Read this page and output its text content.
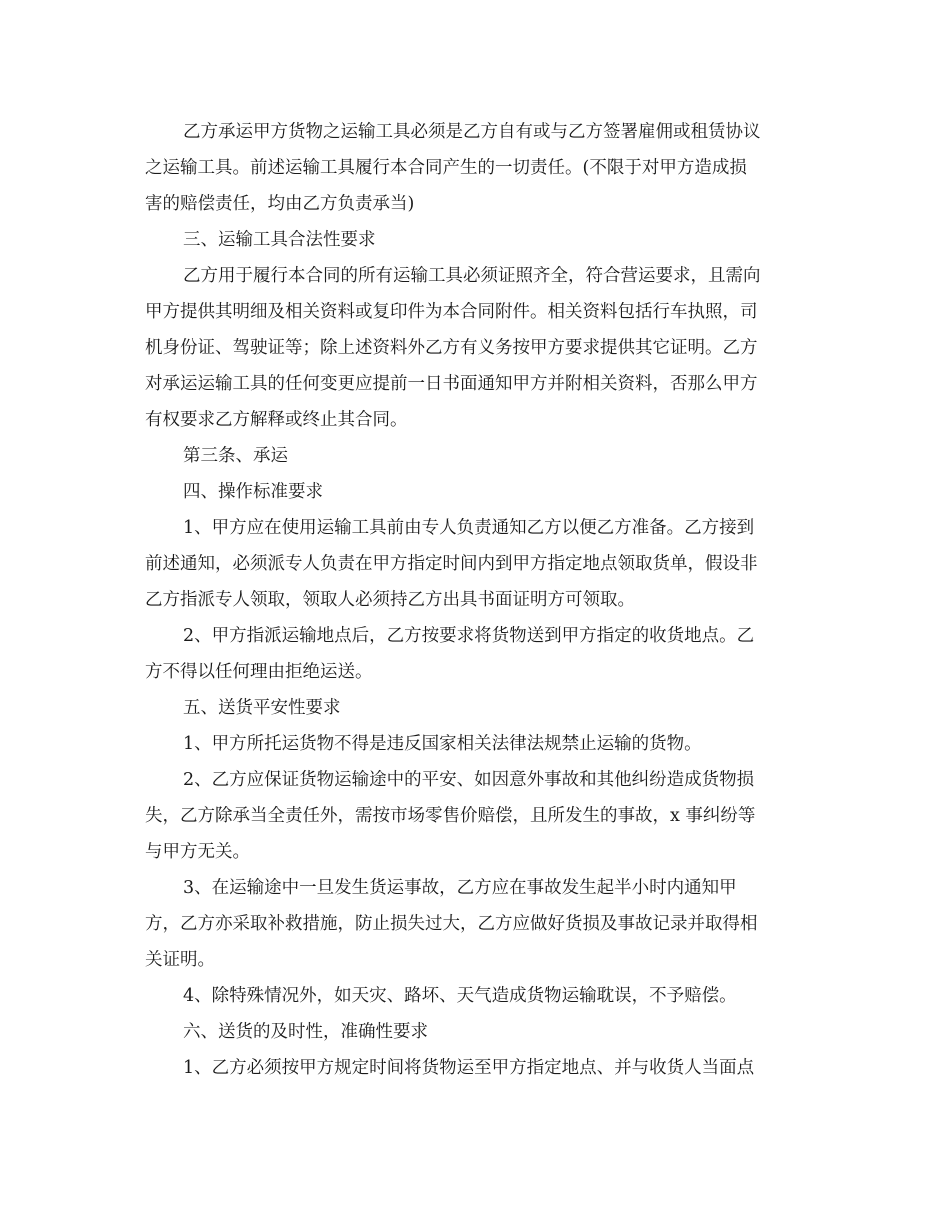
乙方承运甲方货物之运输工具必须是乙方自有或与乙方签署雇佣或租赁协议
之运输工具。前述运输工具履行本合同产生的一切责任。(不限于对甲方造成损
害的赔偿责任，均由乙方负责承当)
三、运输工具合法性要求
乙方用于履行本合同的所有运输工具必须证照齐全，符合营运要求，且需向
甲方提供其明细及相关资料或复印件为本合同附件。相关资料包括行车执照，司
机身份证、驾驶证等；除上述资料外乙方有义务按甲方要求提供其它证明。乙方
对承运运输工具的任何变更应提前一日书面通知甲方并附相关资料，否那么甲方
有权要求乙方解释或终止其合同。
第三条、承运
四、操作标准要求
1、甲方应在使用运输工具前由专人负责通知乙方以便乙方准备。乙方接到
前述通知，必须派专人负责在甲方指定时间内到甲方指定地点领取货单，假设非
乙方指派专人领取，领取人必须持乙方出具书面证明方可领取。
2、甲方指派运输地点后，乙方按要求将货物送到甲方指定的收货地点。乙
方不得以任何理由拒绝运送。
五、送货平安性要求
1、甲方所托运货物不得是违反国家相关法律法规禁止运输的货物。
2、乙方应保证货物运输途中的平安、如因意外事故和其他纠纷造成货物损
失，乙方除承当全责任外，需按市场零售价赔偿，且所发生的事故，x 事纠纷等
与甲方无关。
3、在运输途中一旦发生货运事故，乙方应在事故发生起半小时内通知甲
方，乙方亦采取补救措施，防止损失过大，乙方应做好货损及事故记录并取得相
关证明。
4、除特殊情况外，如天灾、路坏、天气造成货物运输耽误，不予赔偿。
六、送货的及时性，准确性要求
1、乙方必须按甲方规定时间将货物运至甲方指定地点、并与收货人当面点
